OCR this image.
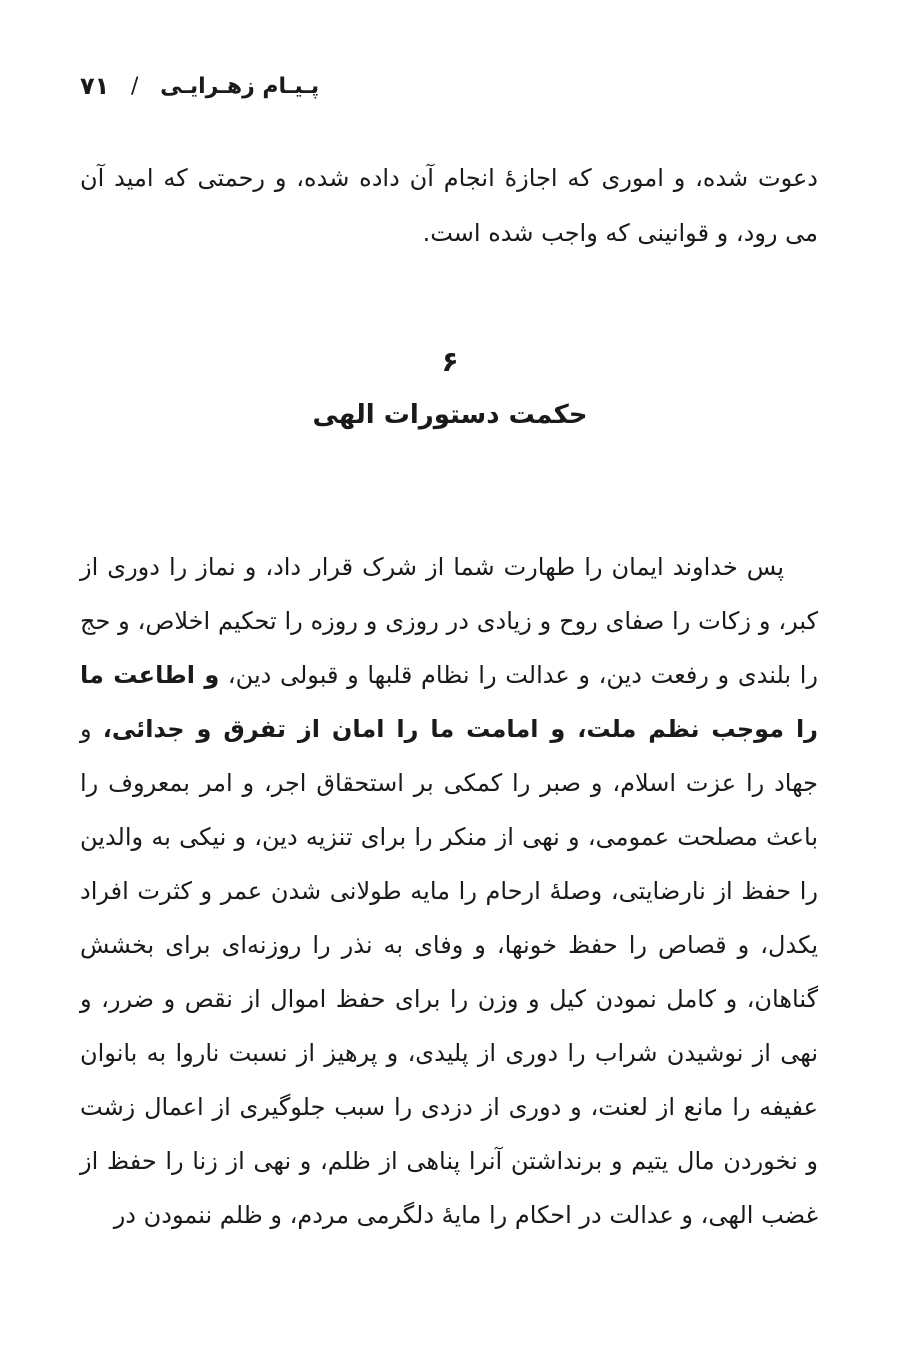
۷۱ / پـیـام زهـرایـی

دعوت شده، و اموری که اجازهٔ انجام آن داده شده، و رحمتی که امید آن می رود، و قوانینی که واجب شده است.

۶
حکمت دستورات الهی

پس خداوند ایمان را طهارت شما از شرک قرار داد، و نماز را دوری از کبر، و زکات را صفای روح و زیادی در روزی و روزه را تحکیم اخلاص، و حج را بلندی و رفعت دین، و عدالت را نظام قلبها و قبولی دین، و اطاعت ما را موجب نظم ملت، و امامت ما را امان از تفرق و جدائی، و جهاد را عزت اسلام، و صبر را کمکی بر استحقاق اجر، و امر بمعروف را باعث مصلحت عمومی، و نهی از منکر را برای تنزیه دین، و نیکی به والدین را حفظ از نارضایتی، وصلهٔ ارحام را مایه طولانی شدن عمر و کثرت افراد یکدل، و قصاص را حفظ خونها، و وفای به نذر را روزنه‌ای برای بخشش گناهان، و کامل نمودن کیل و وزن را برای حفظ اموال از نقص و ضرر، و نهی از نوشیدن شراب را دوری از پلیدی، و پرهیز از نسبت ناروا به بانوان عفیفه را مانع از لعنت، و دوری از دزدی را سبب جلوگیری از اعمال زشت و نخوردن مال یتیم و برنداشتن آنرا پناهی از ظلم، و نهی از زنا را حفظ از غضب الهی، و عدالت در احکام را مایهٔ دلگرمی مردم، و ظلم ننمودن در
